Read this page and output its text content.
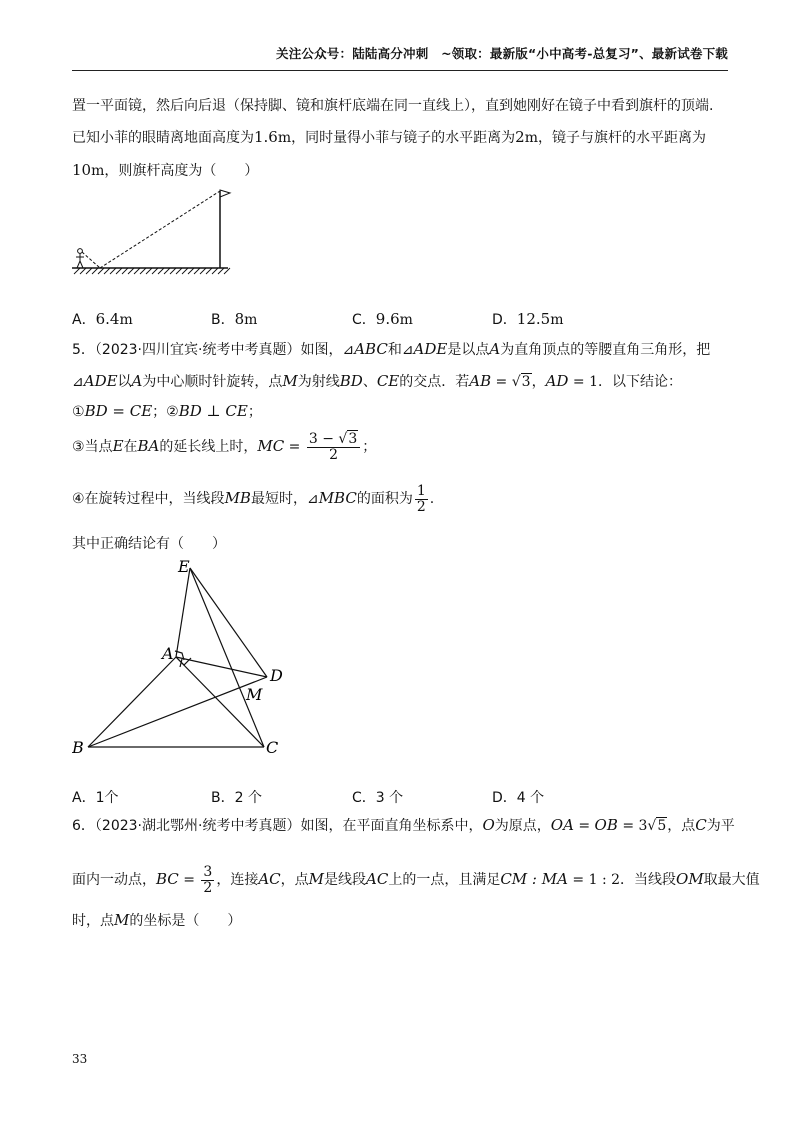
关注公众号：陆陆高分冲刺　~领取：最新版“小中高考-总复习”、最新试卷下载
置一平面镜，然后向后退（保持脚、镜和旗杆底端在同一直线上），直到她刚好在镜子中看到旗杆的顶端.
已知小菲的眼睛离地面高度为1.6m，同时量得小菲与镜子的水平距离为2m，镜子与旗杆的水平距离为
10m，则旗杆高度为（　　）
A．6.4m	B．8m	C．9.6m	D．12.5m
5．（2023·四川宜宾·统考中考真题）如图，⊿ABC和⊿ADE是以点A为直角顶点的等腰直角三角形，把
⊿ADE以A为中心顺时针旋转，点M为射线BD、CE的交点．若AB = √3，AD = 1．以下结论：
①BD = CE；②BD ⊥ CE；
③当点E在BA的延长线上时，MC = $\frac{3 - √3}{2}$ ；
④在旋转过程中，当线段MB最短时，⊿MBC的面积为 $\frac{1}{2}$ .
其中正确结论有（　　）
E
A
D
M
B	C
A．1个	B．2 个	C．3 个	D．4 个
6．（2023·湖北鄂州·统考中考真题）如图，在平面直角坐标系中，O为原点，OA = OB = 3√5，点C为平
面内一动点，BC = $\frac{3}{2}$ ，连接AC，点M是线段AC上的一点，且满足CM : MA = 1 : 2．当线段OM取最大值
时，点M的坐标是（　　）
33
